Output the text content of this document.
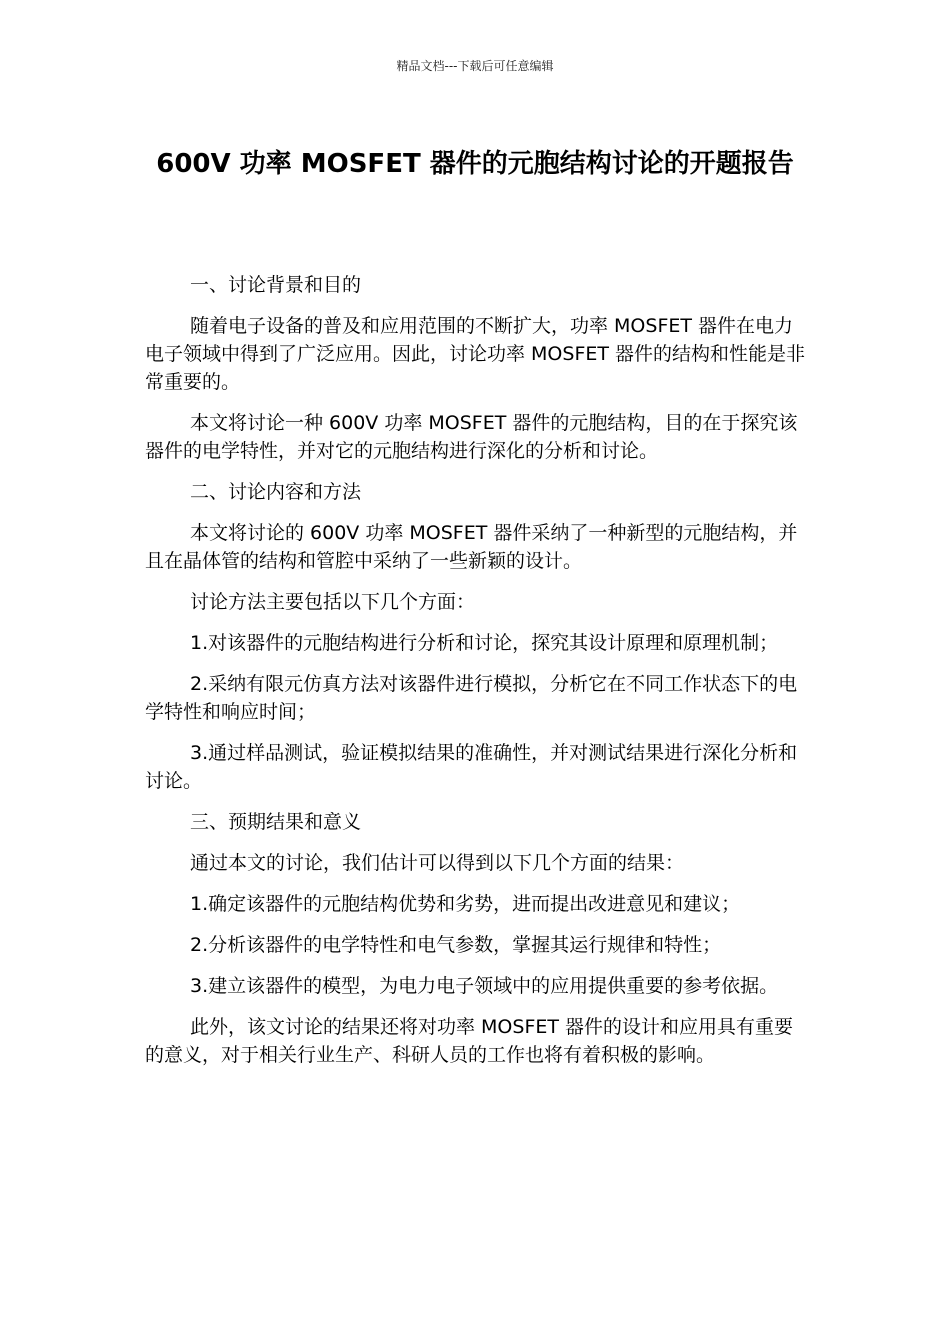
精品文档---下载后可任意编辑
600V 功率 MOSFET 器件的元胞结构讨论的开题报告

一、讨论背景和目的

随着电子设备的普及和应用范围的不断扩大，功率 MOSFET 器件在电力电子领域中得到了广泛应用。因此，讨论功率 MOSFET 器件的结构和性能是非常重要的。

本文将讨论一种 600V 功率 MOSFET 器件的元胞结构，目的在于探究该器件的电学特性，并对它的元胞结构进行深化的分析和讨论。

二、讨论内容和方法

本文将讨论的 600V 功率 MOSFET 器件采纳了一种新型的元胞结构，并且在晶体管的结构和管腔中采纳了一些新颖的设计。

讨论方法主要包括以下几个方面：

1.对该器件的元胞结构进行分析和讨论，探究其设计原理和原理机制；

2.采纳有限元仿真方法对该器件进行模拟，分析它在不同工作状态下的电学特性和响应时间；

3.通过样品测试，验证模拟结果的准确性，并对测试结果进行深化分析和讨论。

三、预期结果和意义

通过本文的讨论，我们估计可以得到以下几个方面的结果：

1.确定该器件的元胞结构优势和劣势，进而提出改进意见和建议；

2.分析该器件的电学特性和电气参数，掌握其运行规律和特性；

3.建立该器件的模型，为电力电子领域中的应用提供重要的参考依据。

此外，该文讨论的结果还将对功率 MOSFET 器件的设计和应用具有重要的意义，对于相关行业生产、科研人员的工作也将有着积极的影响。
